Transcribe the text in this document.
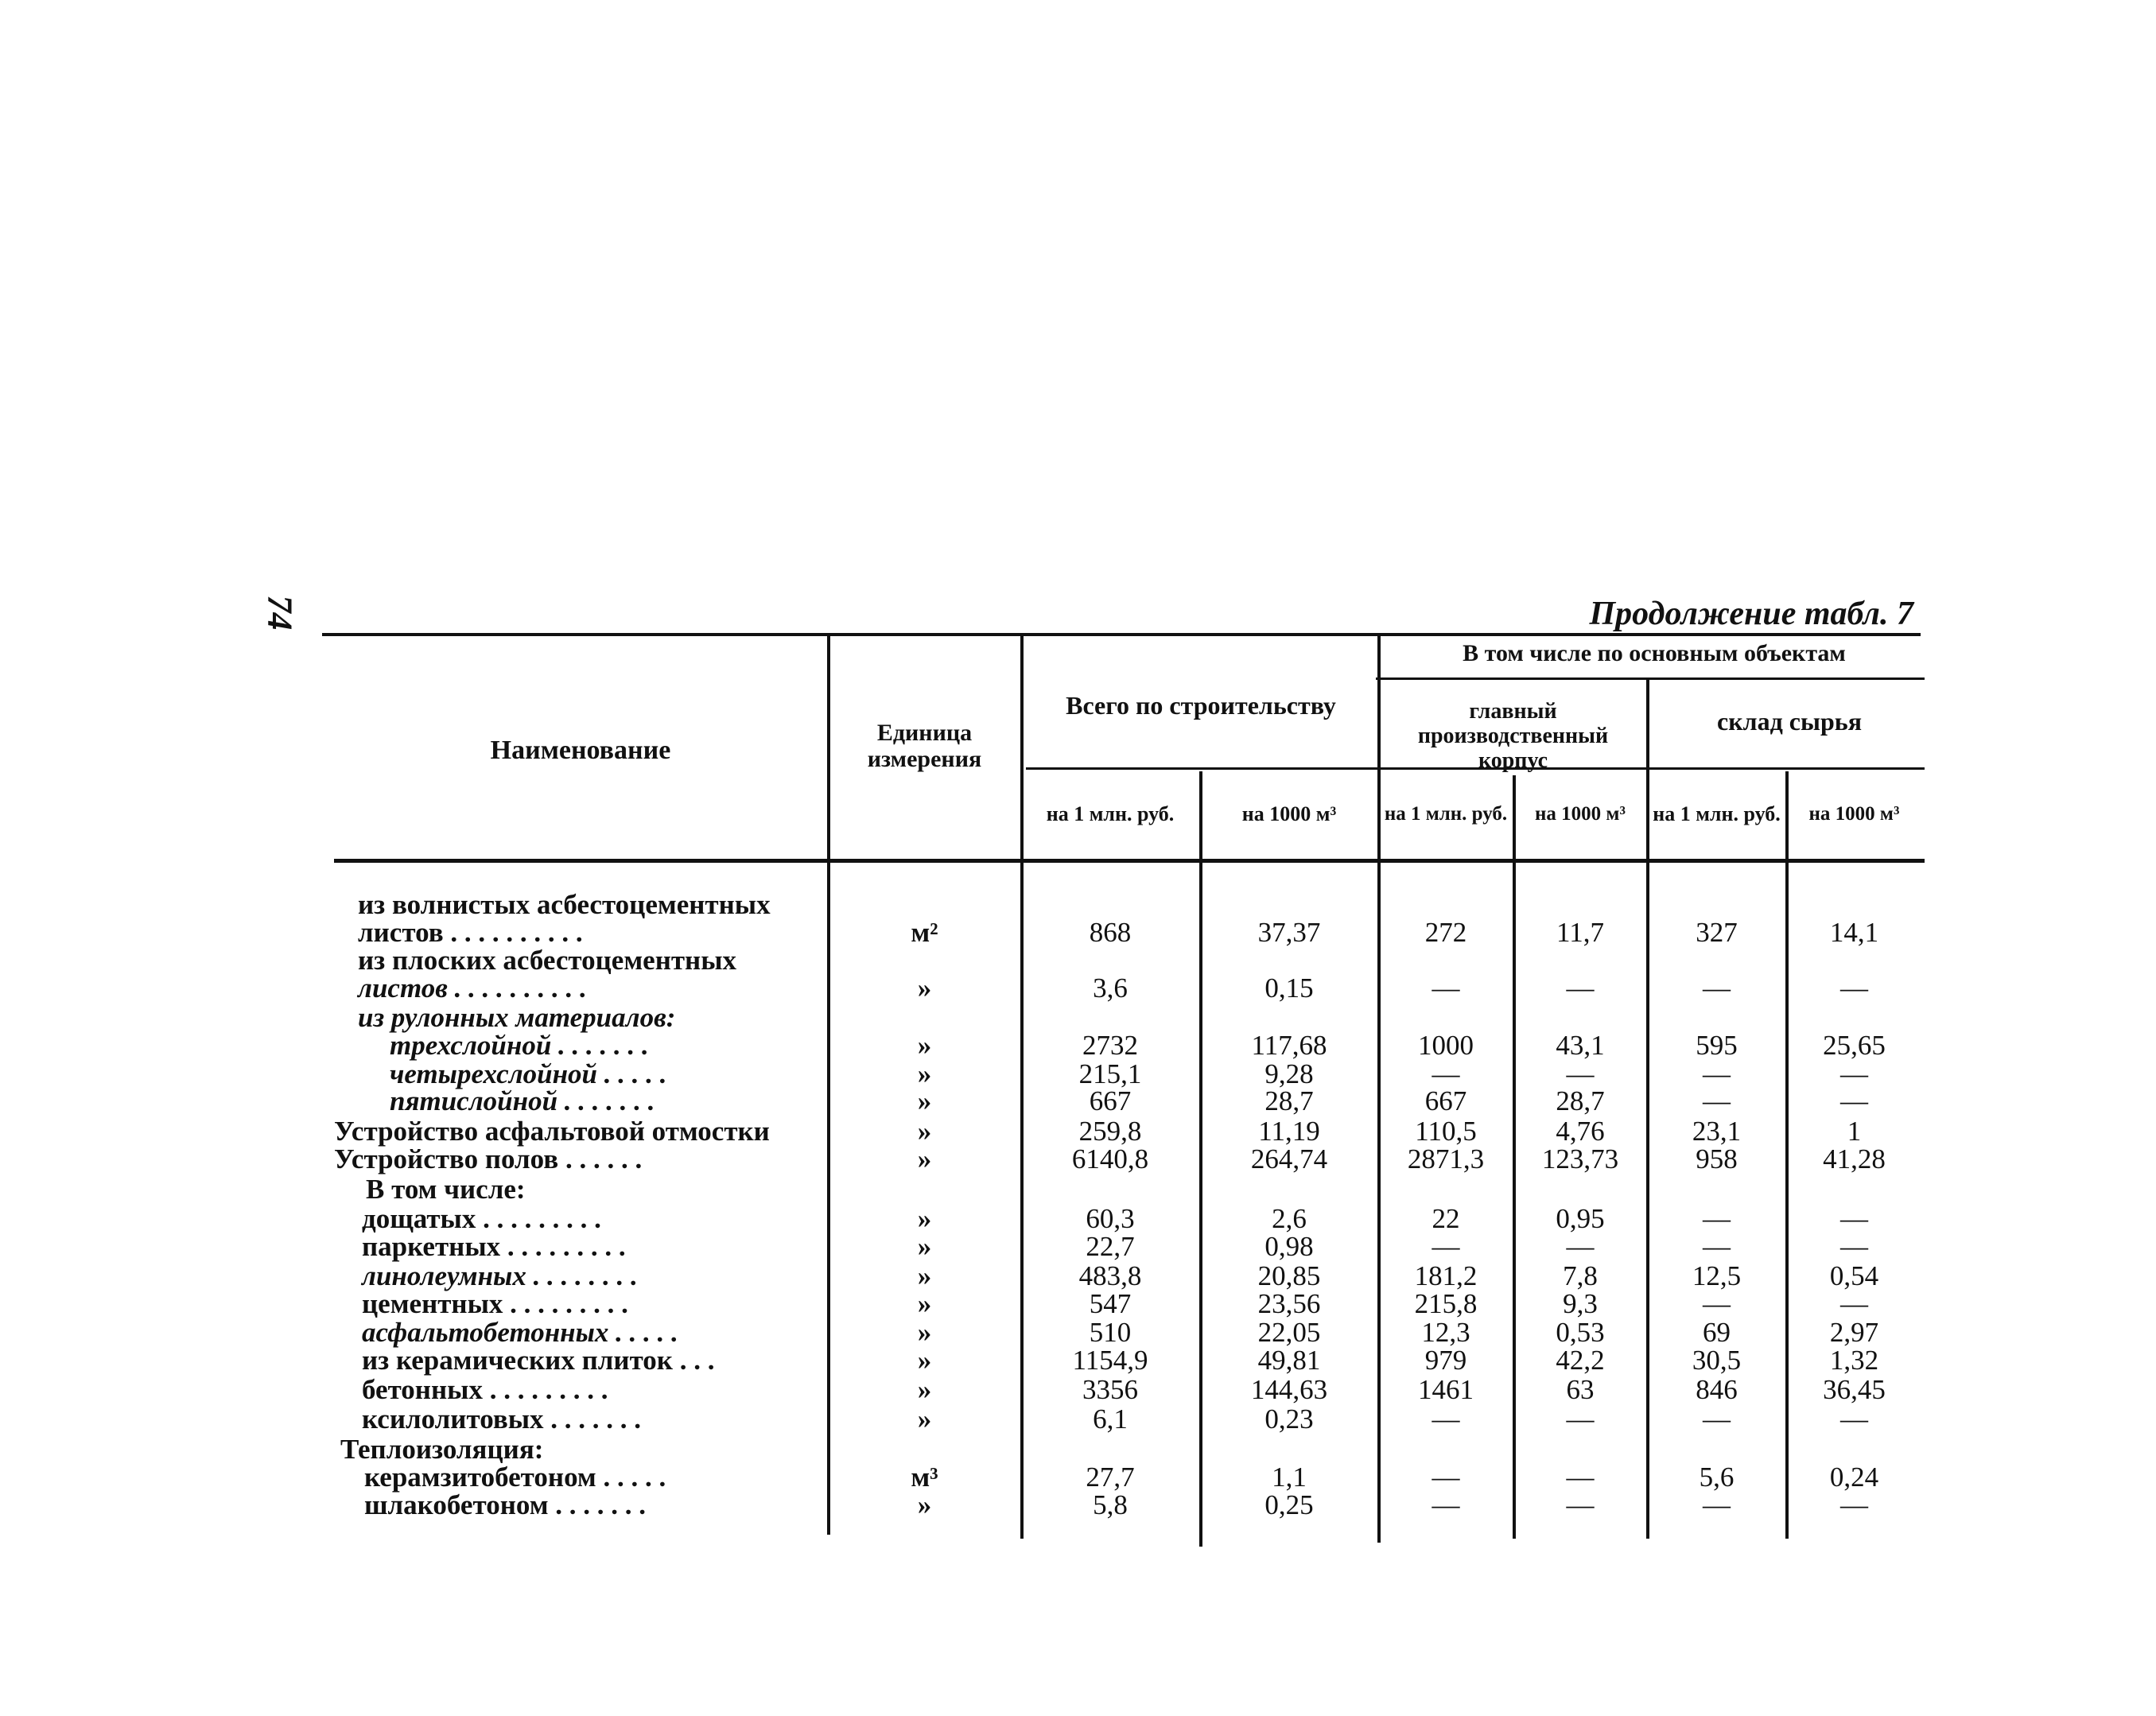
74	Продолжение табл. 7
Наименование
Единица измерения
Всего по строительству
В том числе по основным объектам
главный производственный корпус
склад сырья
на 1 млн. руб.	на 1000 м³	на 1 млн. руб.	на 1000 м³	на 1 млн. руб.	на 1000 м³
из волнистых асбестоцементных
листов . . . . . . . . . .	м²	868	37,37	272	11,7	327	14,1
из плоских асбестоцементных
листов . . . . . . . . . .	»	3,6	0,15	—	—	—	—
из рулонных материалов:
трехслойной . . . . . . .	»	2732	117,68	1000	43,1	595	25,65
четырехслойной . . . . .	»	215,1	9,28	—	—	—	—
пятислойной . . . . . . .	»	667	28,7	667	28,7	—	—
Устройство асфальтовой отмостки	»	259,8	11,19	110,5	4,76	23,1	1
Устройство полов . . . . . .	»	6140,8	264,74	2871,3	123,73	958	41,28
В том числе:
дощатых . . . . . . . . .	»	60,3	2,6	22	0,95	—	—
паркетных . . . . . . . . .	»	22,7	0,98	—	—	—	—
линолеумных . . . . . . . .	»	483,8	20,85	181,2	7,8	12,5	0,54
цементных . . . . . . . . .	»	547	23,56	215,8	9,3	—	—
асфальтобетонных . . . . .	»	510	22,05	12,3	0,53	69	2,97
из керамических плиток . . .	»	1154,9	49,81	979	42,2	30,5	1,32
бетонных . . . . . . . . .	»	3356	144,63	1461	63	846	36,45
ксилолитовых . . . . . . .	»	6,1	0,23	—	—	—	—
Теплоизоляция:
керамзитобетоном . . . . .	м³	27,7	1,1	—	—	5,6	0,24
шлакобетоном . . . . . . .	»	5,8	0,25	—	—	—	—
